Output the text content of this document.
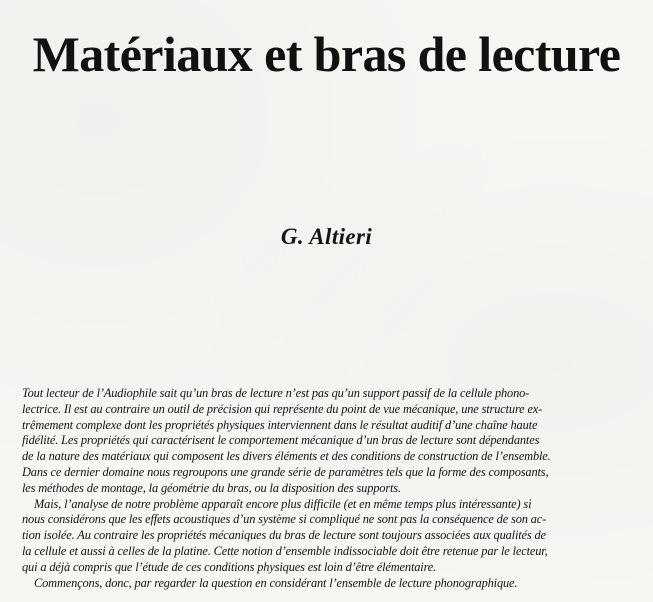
Matériaux et bras de lecture
G. Altieri
Tout lecteur de l’Audiophile sait qu’un bras de lecture n’est pas qu’un support passif de la cellule phono-
lectrice. Il est au contraire un outil de précision qui représente du point de vue mécanique, une structure ex-
trêmement complexe dont les propriétés physiques interviennent dans le résultat auditif d’une chaîne haute
fidélité. Les propriétés qui caractérisent le comportement mécanique d’un bras de lecture sont dépendantes
de la nature des matériaux qui composent les divers éléments et des conditions de construction de l’ensemble.
Dans ce dernier domaine nous regroupons une grande série de paramètres tels que la forme des composants,
les méthodes de montage, la géométrie du bras, ou la disposition des supports.
Mais, l’analyse de notre problème apparaît encore plus difficile (et en même temps plus intéressante) si
nous considérons que les effets acoustiques d’un système si compliqué ne sont pas la conséquence de son ac-
tion isolée. Au contraire les propriétés mécaniques du bras de lecture sont toujours associées aux qualités de
la cellule et aussi à celles de la platine. Cette notion d’ensemble indissociable doit être retenue par le lecteur,
qui a déjà compris que l’étude de ces conditions physiques est loin d’être élémentaire.
Commençons, donc, par regarder la question en considérant l’ensemble de lecture phonographique.
